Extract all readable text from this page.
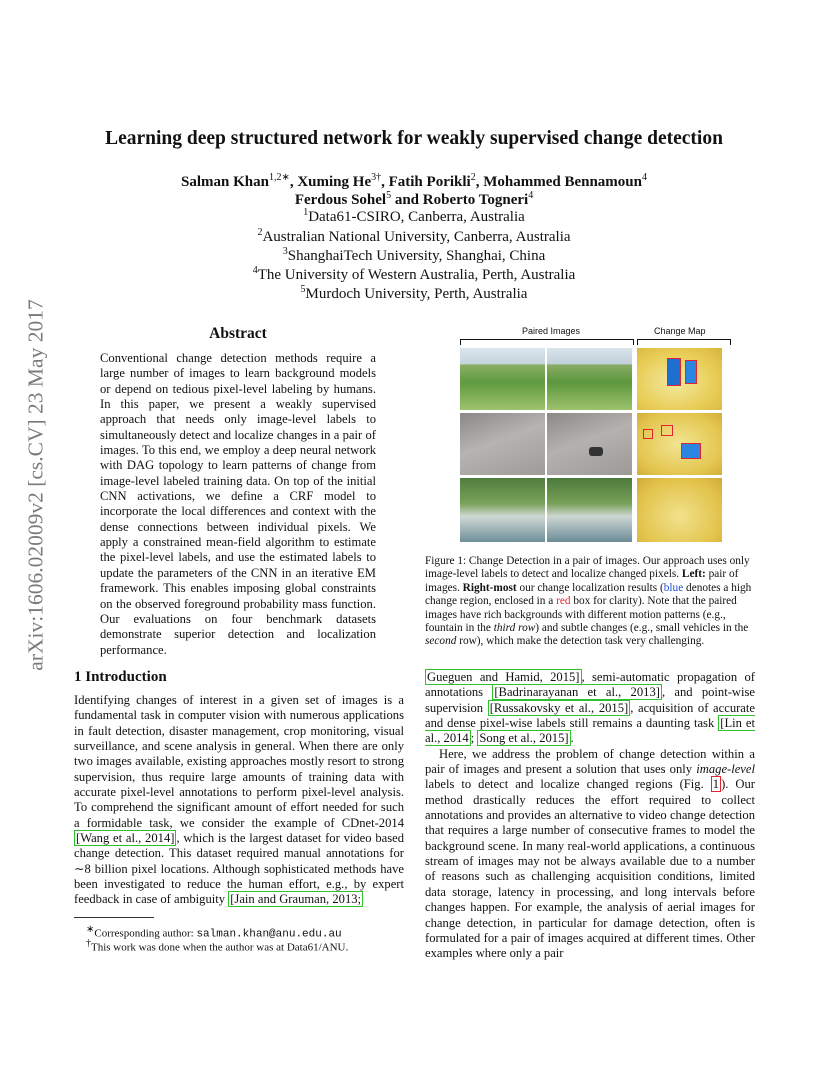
arXiv:1606.02009v2 [cs.CV] 23 May 2017
Learning deep structured network for weakly supervised change detection
Salman Khan$^{1,2∗}$, Xuming $He^{3\dagger}$, Fatih Porikli$^2$, Mohammed Bennamoun$^4$
Ferdous Sohel$^5$ and Roberto Togneri$^4$
$^1$Data61-CSIRO, Canberra, Australia
$^2$Australian National University, Canberra, Australia
$^3$ShanghaiTech University, Shanghai, China
$^4$The University of Western Australia, Perth, Australia
$^5$Murdoch University, Perth, Australia
Abstract
Conventional change detection methods require a large number of images to learn background models or depend on tedious pixel-level labeling by humans. In this paper, we present a weakly supervised approach that needs only image-level labels to simultaneously detect and localize changes in a pair of images. To this end, we employ a deep neural network with DAG topology to learn patterns of change from image-level labeled training data. On top of the initial CNN activations, we define a CRF model to incorporate the local differences and context with the dense connections between individual pixels. We apply a constrained mean-field algorithm to estimate the pixel-level labels, and use the estimated labels to update the parameters of the CNN in an iterative EM framework. This enables imposing global constraints on the observed foreground probability mass function. Our evaluations on four benchmark datasets demonstrate superior detection and localization performance.
1 Introduction
Identifying changes of interest in a given set of images is a fundamental task in computer vision with numerous applications in fault detection, disaster management, crop monitoring, visual surveillance, and scene analysis in general. When there are only two images available, existing approaches mostly resort to strong supervision, thus require large amounts of training data with accurate pixel-level annotations to perform pixel-level analysis. To comprehend the significant amount of effort needed for such a formidable task, we consider the example of CDnet-2014 [Wang et al., 2014] , which is the largest dataset for video based change detection. This dataset required manual annotations for ∼8 billion pixel locations. Although sophisticated methods have been investigated to reduce the human effort, e.g., by expert feedback in case of ambiguity [Jain and Grauman, 2013;
∗Corresponding author: salman.khan@anu.edu.au
†This work was done when the author was at Data61/ANU.
Paired Images	Change Map
Figure 1: Change Detection in a pair of images. Our approach uses only image-level labels to detect and localize changed pixels. Left: pair of images. Right-most our change localization results (blue denotes a high change region, enclosed in a red box for clarity). Note that the paired images have rich backgrounds with different motion patterns (e.g., fountain in the third row) and subtle changes (e.g., small vehicles in the second row), which make the detection task very challenging.
Gueguen and Hamid, 2015] , semi-automatic propagation of annotations [Badrinarayanan et al., 2013] , and point-wise supervision [Russakovsky et al., 2015] , acquisition of accurate and dense pixel-wise labels still remains a daunting task [Lin et al., 2014 ; Song et al., 2015] .
Here, we address the problem of change detection within a pair of images and present a solution that uses only image-level labels to detect and localize changed regions (Fig. 1 ). Our method drastically reduces the effort required to collect annotations and provides an alternative to video change detection that requires a large number of consecutive frames to model the background scene. In many real-world applications, a continuous stream of images may not be always available due to a number of reasons such as challenging acquisition conditions, limited data storage, latency in processing, and long intervals before changes happen. For example, the analysis of aerial images for change detection, in particular for damage detection, often is formulated for a pair of images acquired at different times. Other examples where only a pair
